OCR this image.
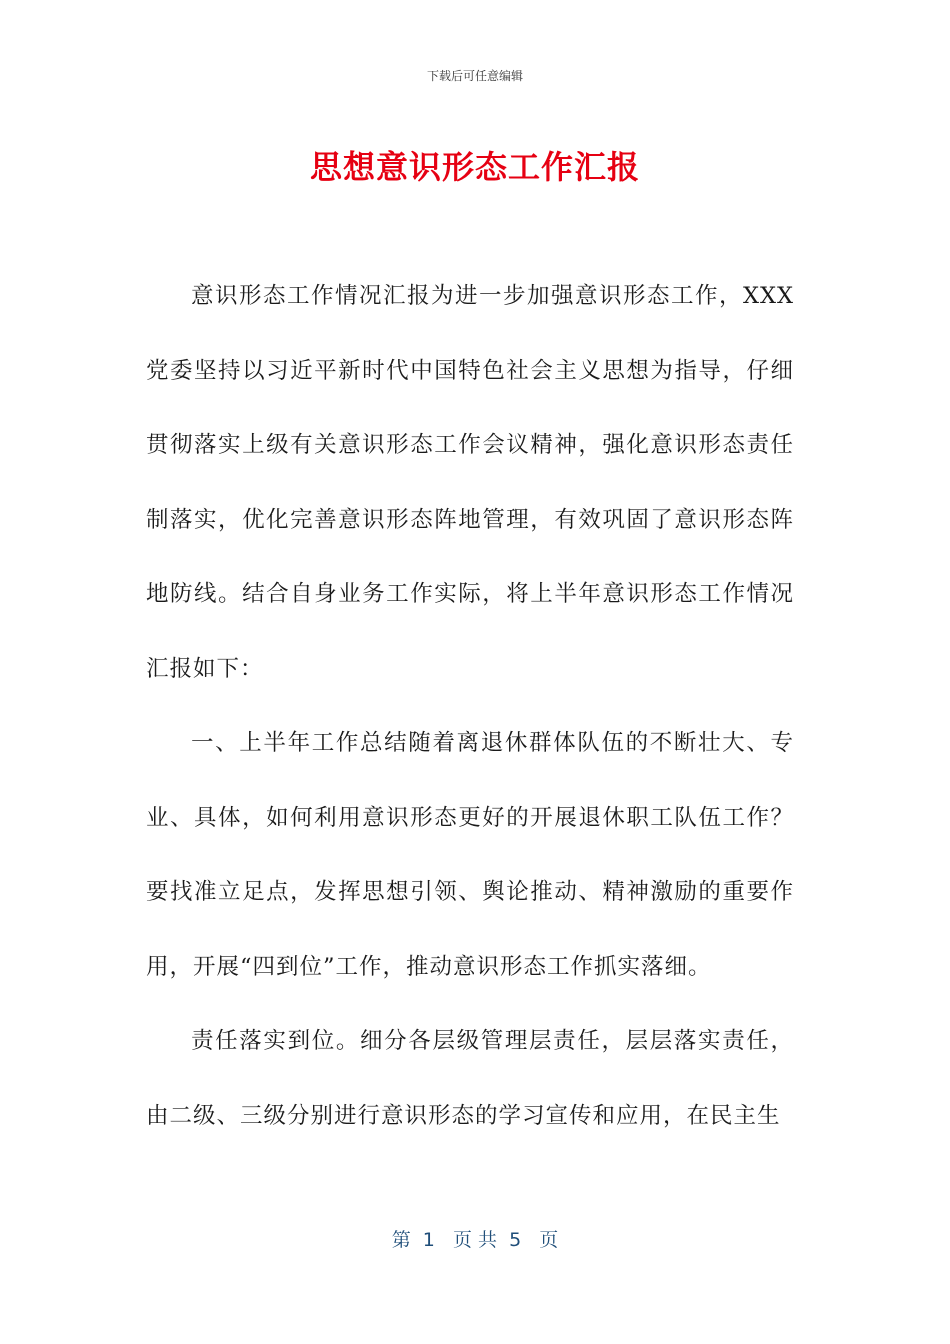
下载后可任意编辑
思想意识形态工作汇报

意识形态工作情况汇报为进一步加强意识形态工作，XXX党委坚持以习近平新时代中国特色社会主义思想为指导，仔细贯彻落实上级有关意识形态工作会议精神，强化意识形态责任制落实，优化完善意识形态阵地管理，有效巩固了意识形态阵地防线。结合自身业务工作实际，将上半年意识形态工作情况汇报如下：

一、上半年工作总结随着离退休群体队伍的不断壮大、专业、具体，如何利用意识形态更好的开展退休职工队伍工作？要找准立足点，发挥思想引领、舆论推动、精神激励的重要作用，开展“四到位”工作，推动意识形态工作抓实落细。

责任落实到位。细分各层级管理层责任，层层落实责任，由二级、三级分别进行意识形态的学习宣传和应用，在民主生

第  1   页 共  5   页
